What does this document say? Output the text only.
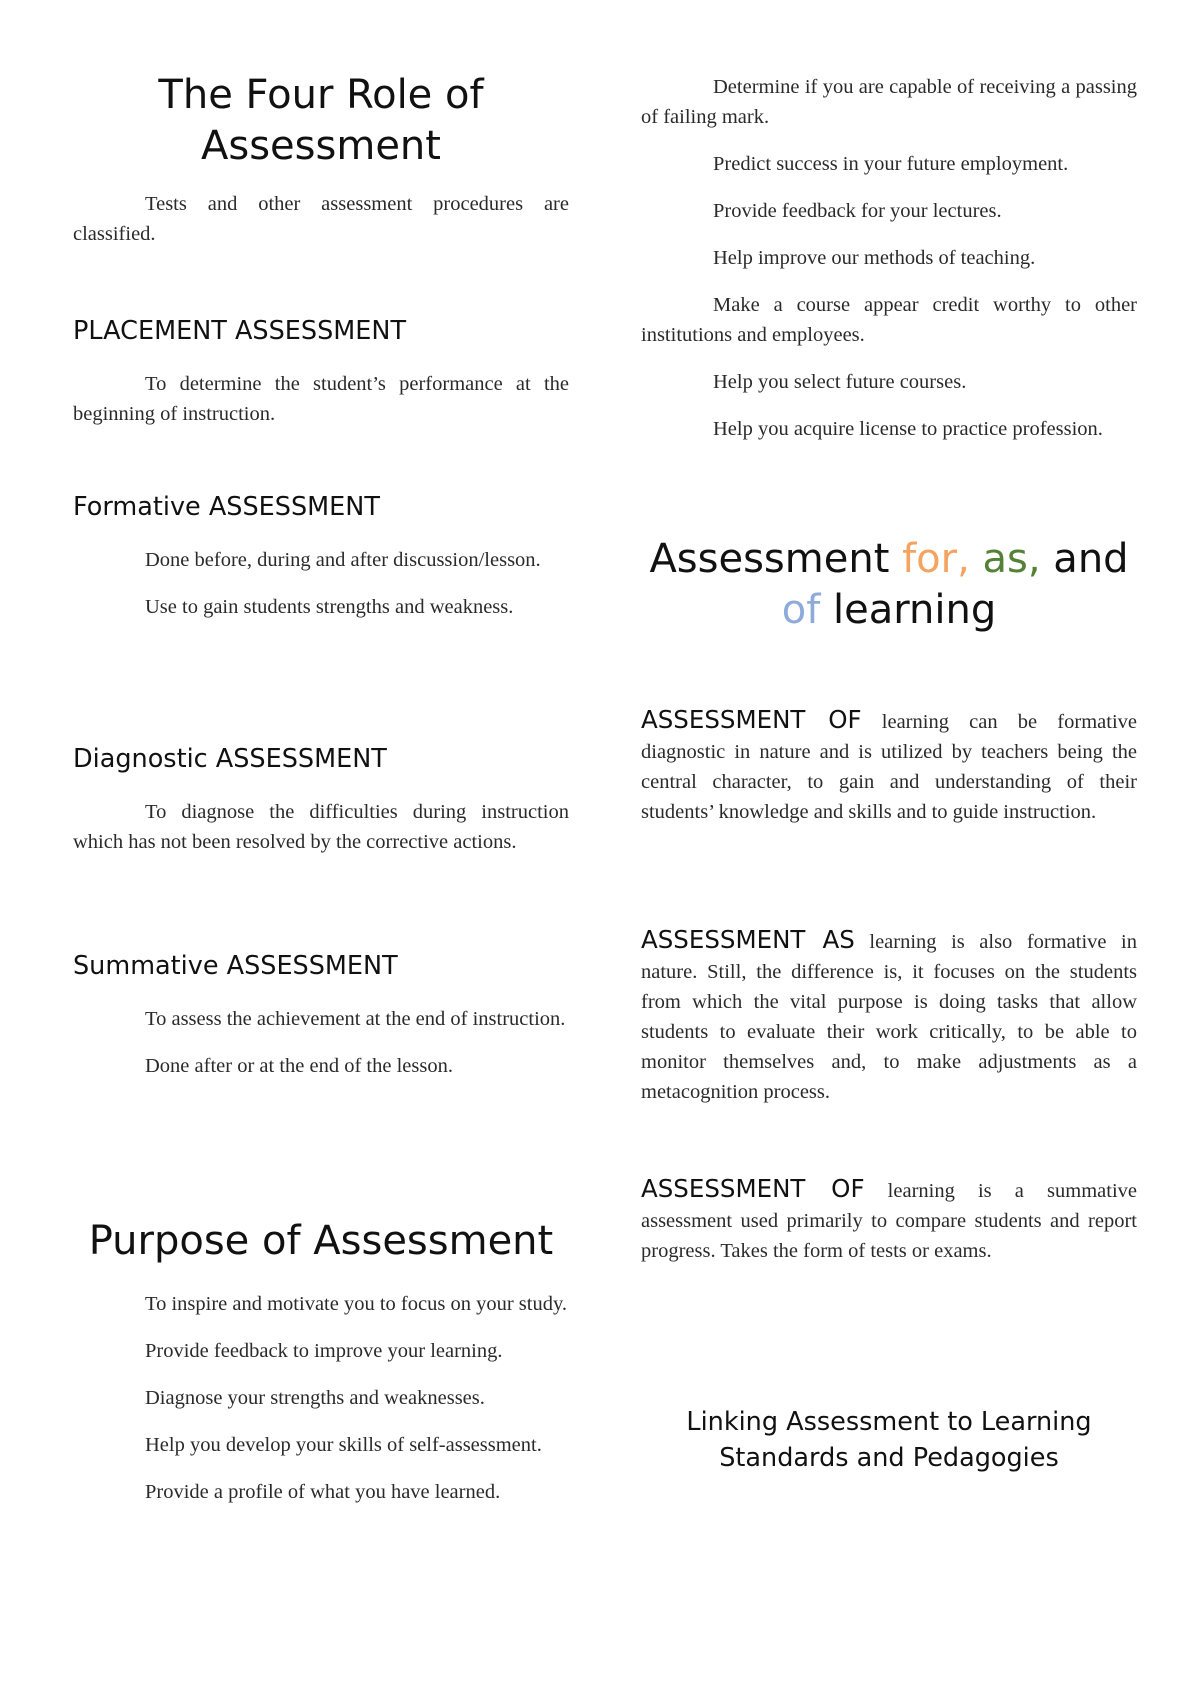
The Four Role of Assessment

Tests and other assessment procedures are classified.

PLACEMENT ASSESSMENT

To determine the student’s performance at the beginning of instruction.

Formative ASSESSMENT

Done before, during and after discussion/lesson.

Use to gain students strengths and weakness.

Diagnostic ASSESSMENT

To diagnose the difficulties during instruction which has not been resolved by the corrective actions.

Summative ASSESSMENT

To assess the achievement at the end of instruction.

Done after or at the end of the lesson.

Purpose of Assessment

To inspire and motivate you to focus on your study.

Provide feedback to improve your learning.

Diagnose your strengths and weaknesses.

Help you develop your skills of self-assessment.

Provide a profile of what you have learned.

Determine if you are capable of receiving a passing of failing mark.

Predict success in your future employment.

Provide feedback for your lectures.

Help improve our methods of teaching.

Make a course appear credit worthy to other institutions and employees.

Help you select future courses.

Help you acquire license to practice profession.

Assessment for, as, and
of learning

ASSESSMENT OF learning can be formative diagnostic in nature and is utilized by teachers being the central character, to gain and understanding of their students’ knowledge and skills and to guide instruction.

ASSESSMENT AS learning is also formative in nature. Still, the difference is, it focuses on the students from which the vital purpose is doing tasks that allow students to evaluate their work critically, to be able to monitor themselves and, to make adjustments as a metacognition process.

ASSESSMENT OF learning is a summative assessment used primarily to compare students and report progress. Takes the form of tests or exams.

Linking Assessment to Learning Standards and Pedagogies
